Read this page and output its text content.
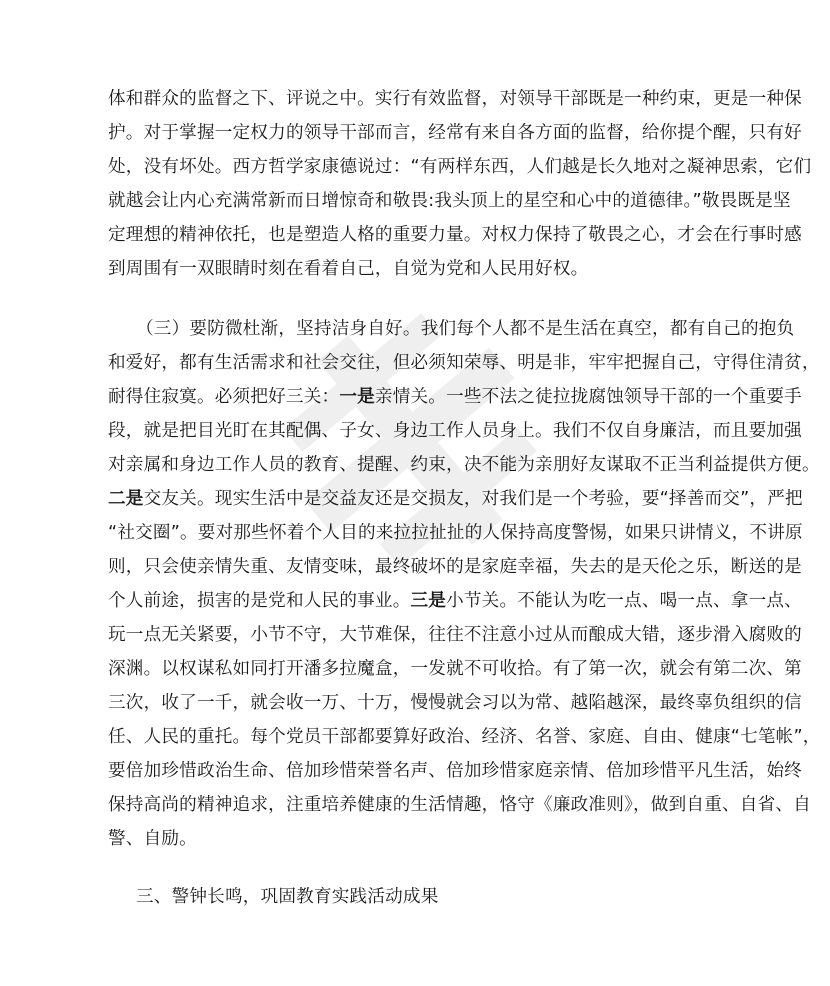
体和群众的监督之下、评说之中。实行有效监督，对领导干部既是一种约束，更是一种保
护。对于掌握一定权力的领导干部而言，经常有来自各方面的监督，给你提个醒，只有好
处，没有坏处。西方哲学家康德说过：“有两样东西，人们越是长久地对之凝神思索，它们
就越会让内心充满常新而日增惊奇和敬畏:我头顶上的星空和心中的道德律。”敬畏既是坚
定理想的精神依托，也是塑造人格的重要力量。对权力保持了敬畏之心，才会在行事时感
到周围有一双眼睛时刻在看着自己，自觉为党和人民用好权。
（三）要防微杜渐，坚持洁身自好。我们每个人都不是生活在真空，都有自己的抱负
和爱好，都有生活需求和社会交往，但必须知荣辱、明是非，牢牢把握自己，守得住清贫，
耐得住寂寞。必须把好三关：一是亲情关。一些不法之徒拉拢腐蚀领导干部的一个重要手
段，就是把目光盯在其配偶、子女、身边工作人员身上。我们不仅自身廉洁，而且要加强
对亲属和身边工作人员的教育、提醒、约束，决不能为亲朋好友谋取不正当利益提供方便。
二是交友关。现实生活中是交益友还是交损友，对我们是一个考验，要“择善而交”，严把
“社交圈”。要对那些怀着个人目的来拉拉扯扯的人保持高度警惕，如果只讲情义，不讲原
则，只会使亲情失重、友情变味，最终破坏的是家庭幸福，失去的是天伦之乐，断送的是
个人前途，损害的是党和人民的事业。三是小节关。不能认为吃一点、喝一点、拿一点、
玩一点无关紧要，小节不守，大节难保，往往不注意小过从而酿成大错，逐步滑入腐败的
深渊。以权谋私如同打开潘多拉魔盒，一发就不可收拾。有了第一次，就会有第二次、第
三次，收了一千，就会收一万、十万，慢慢就会习以为常、越陷越深，最终辜负组织的信
任、人民的重托。每个党员干部都要算好政治、经济、名誉、家庭、自由、健康“七笔帐”，
要倍加珍惜政治生命、倍加珍惜荣誉名声、倍加珍惜家庭亲情、倍加珍惜平凡生活，始终
保持高尚的精神追求，注重培养健康的生活情趣，恪守《廉政准则》，做到自重、自省、自
警、自励。
三、警钟长鸣，巩固教育实践活动成果
